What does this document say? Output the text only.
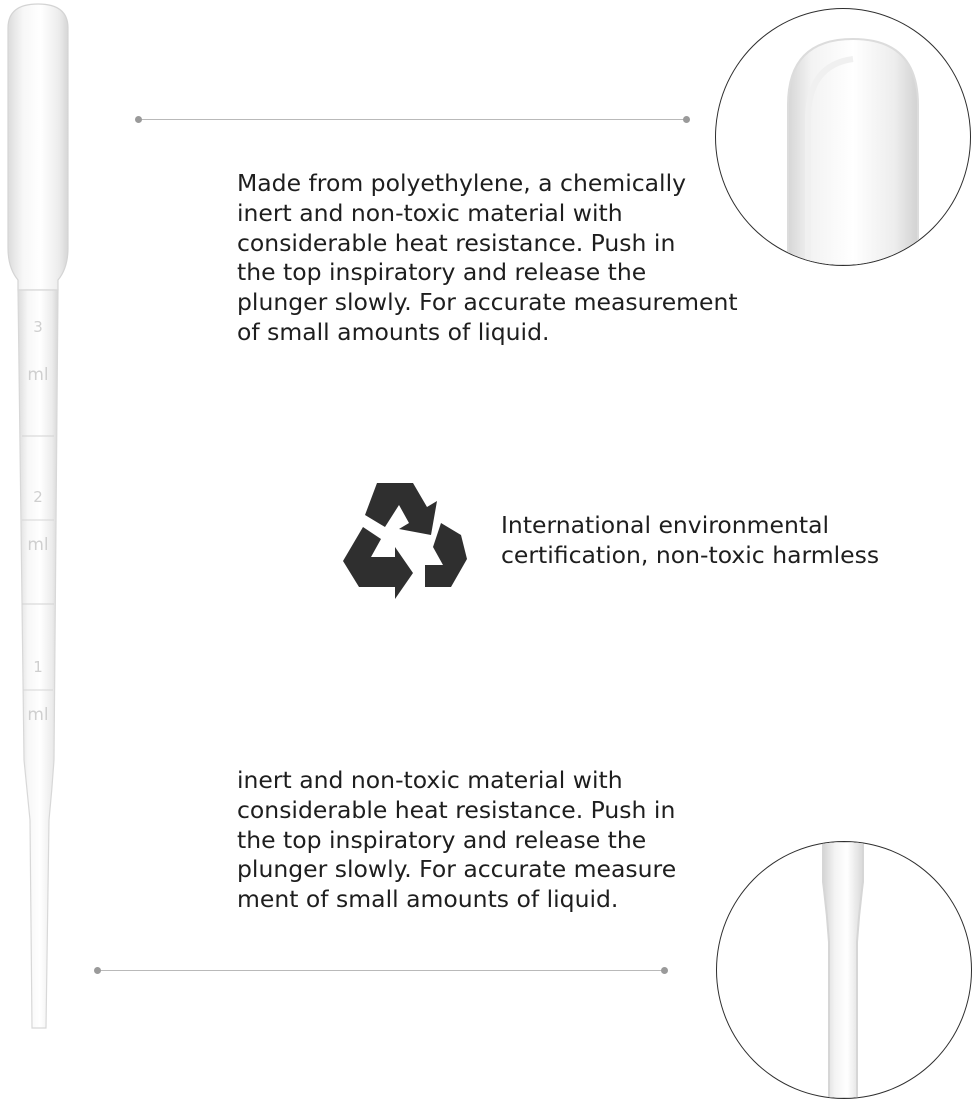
3
ml
2
ml
1
ml
Made from polyethylene, a chemically
inert and non-toxic material with
considerable heat resistance. Push in
the top inspiratory and release the
plunger slowly. For accurate measurement
of small amounts of liquid.
International environmental
certification, non-toxic harmless
inert and non-toxic material with
considerable heat resistance. Push in
the top inspiratory and release the
plunger slowly. For accurate measure
ment of small amounts of liquid.
